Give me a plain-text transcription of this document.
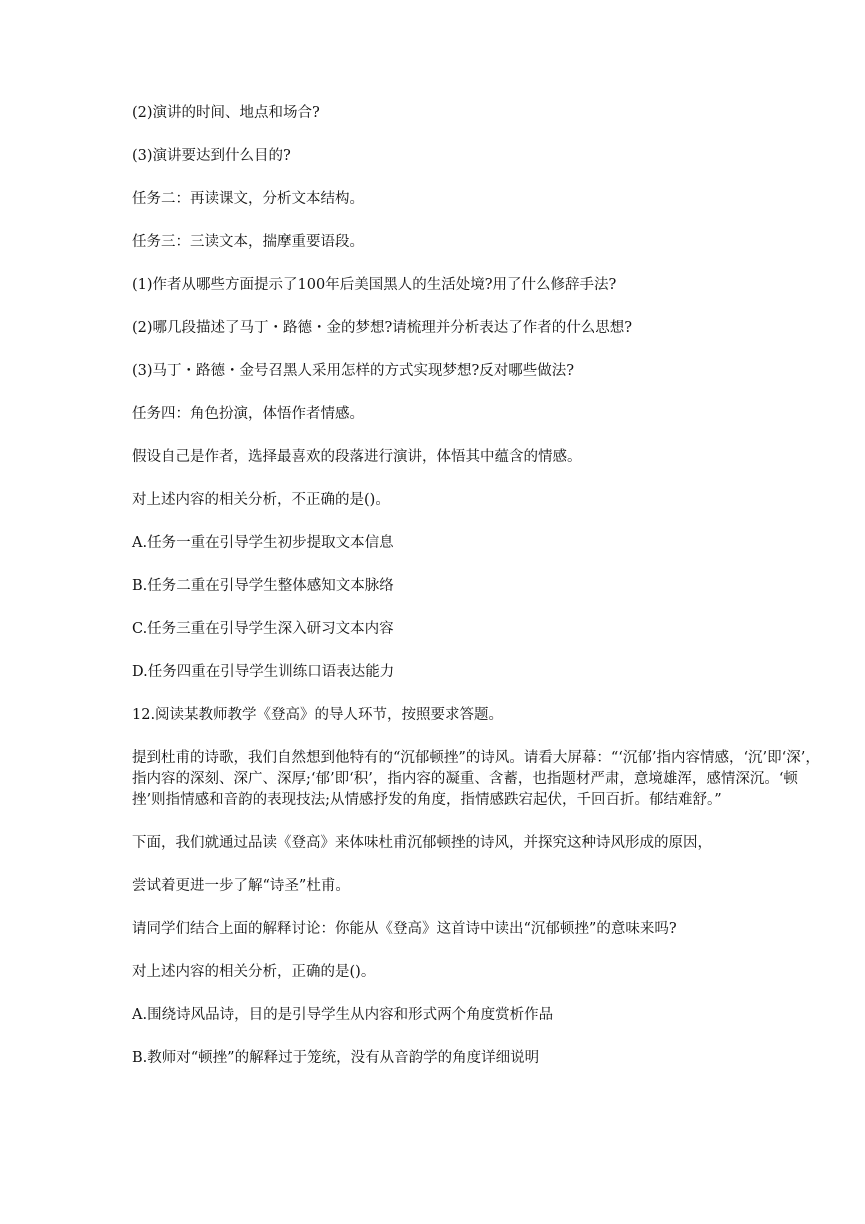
(2)演讲的时间、地点和场合?

(3)演讲要达到什么目的?

任务二：再读课文，分析文本结构。

任务三：三读文本，揣摩重要语段。

(1)作者从哪些方面提示了100年后美国黑人的生活处境?用了什么修辞手法?

(2)哪几段描述了马丁・路德・金的梦想?请梳理并分析表达了作者的什么思想?

(3)马丁・路德・金号召黑人采用怎样的方式实现梦想?反对哪些做法?

任务四：角色扮演，体悟作者情感。

假设自己是作者，选择最喜欢的段落进行演讲，体悟其中蕴含的情感。

对上述内容的相关分析，不正确的是()。

A.任务一重在引导学生初步提取文本信息

B.任务二重在引导学生整体感知文本脉络

C.任务三重在引导学生深入研习文本内容

D.任务四重在引导学生训练口语表达能力

12.阅读某教师教学《登高》的导人环节，按照要求答题。

提到杜甫的诗歌，我们自然想到他特有的“沉郁顿挫”的诗风。请看大屏幕：“‘沉郁’指内容情感，‘沉’即‘深’，指内容的深刻、深广、深厚;‘郁’即‘积’，指内容的凝重、含蓄，也指题材严肃，意境雄浑，感情深沉。‘顿挫’则指情感和音韵的表现技法;从情感抒发的角度，指情感跌宕起伏，千回百折。郁结难舒。”

下面，我们就通过品读《登高》来体味杜甫沉郁顿挫的诗风，并探究这种诗风形成的原因，

尝试着更进一步了解“诗圣”杜甫。

请同学们结合上面的解释讨论：你能从《登高》这首诗中读出“沉郁顿挫”的意味来吗?

对上述内容的相关分析，正确的是()。

A.围绕诗风品诗，目的是引导学生从内容和形式两个角度赏析作品

B.教师对“顿挫”的解释过于笼统，没有从音韵学的角度详细说明
